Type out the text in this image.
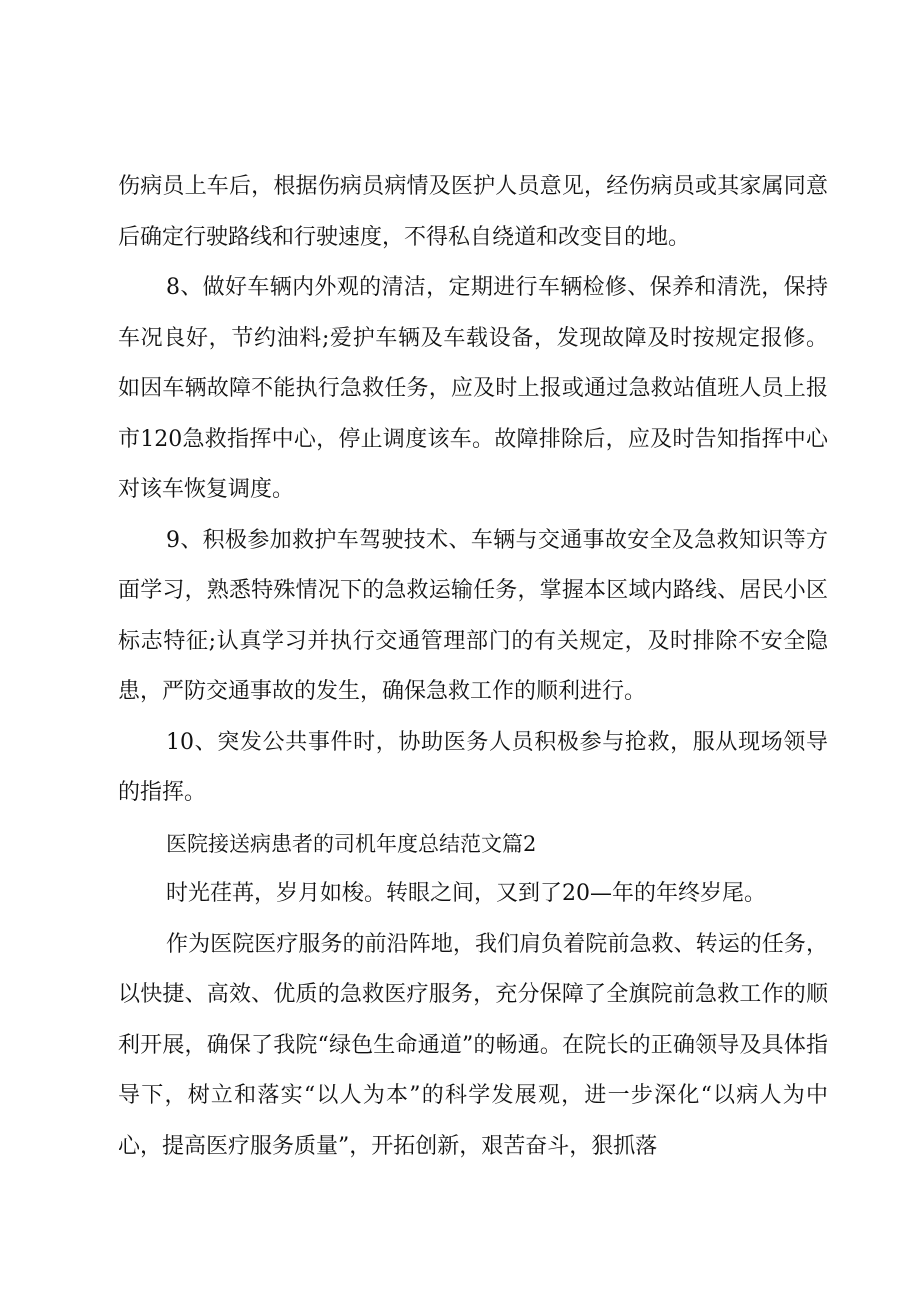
伤病员上车后，根据伤病员病情及医护人员意见，经伤病员或其家属同意后确定行驶路线和行驶速度，不得私自绕道和改变目的地。

8、做好车辆内外观的清洁，定期进行车辆检修、保养和清洗，保持车况良好，节约油料;爱护车辆及车载设备，发现故障及时按规定报修。如因车辆故障不能执行急救任务，应及时上报或通过急救站值班人员上报市120急救指挥中心，停止调度该车。故障排除后，应及时告知指挥中心对该车恢复调度。

9、积极参加救护车驾驶技术、车辆与交通事故安全及急救知识等方面学习，熟悉特殊情况下的急救运输任务，掌握本区域内路线、居民小区标志特征;认真学习并执行交通管理部门的有关规定，及时排除不安全隐患，严防交通事故的发生，确保急救工作的顺利进行。

10、突发公共事件时，协助医务人员积极参与抢救，服从现场领导的指挥。

医院接送病患者的司机年度总结范文篇2

时光荏苒，岁月如梭。转眼之间，又到了20—年的年终岁尾。

作为医院医疗服务的前沿阵地，我们肩负着院前急救、转运的任务，以快捷、高效、优质的急救医疗服务，充分保障了全旗院前急救工作的顺利开展，确保了我院“绿色生命通道”的畅通。在院长的正确领导及具体指导下，树立和落实“以人为本”的科学发展观，进一步深化“以病人为中心，提高医疗服务质量”，开拓创新，艰苦奋斗，狠抓落
